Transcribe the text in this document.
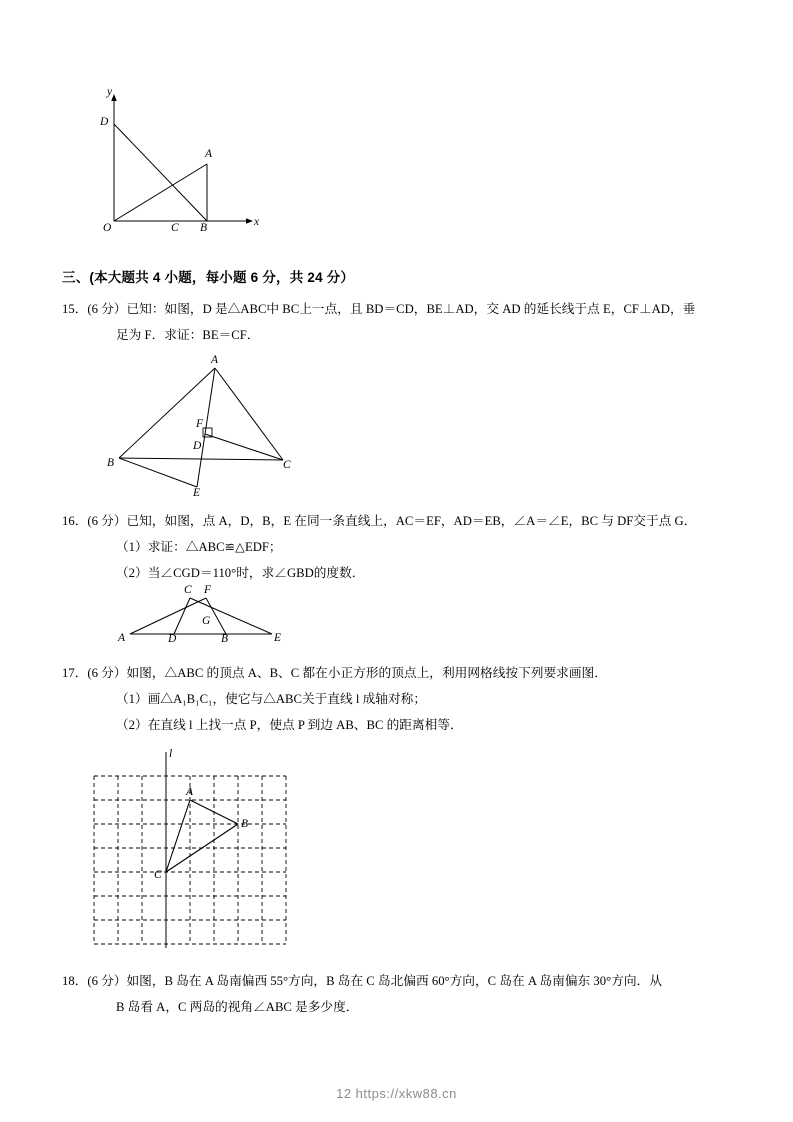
y
x
D
A
O	C B
三、(本大题共 4 小题，每小题 6 分，共 24 分）
15．(6 分）已知：如图，D 是△ABC中 BC上一点，且 BD＝CD，BE⊥AD，交 AD 的延长线于点 E，CF⊥AD，垂
足为 F．求证：BE＝CF．
A
F
D
B	C
E
16．(6 分）已知，如图，点 A，D，B，E 在同一条直线上，AC＝EF，AD＝EB，∠A＝∠E，BC 与 DF交于点 G．
（1）求证：△ABC≌△EDF；
（2）当∠CGD＝110°时，求∠GBD的度数．
C F
G
A	D	B	E
17．(6 分）如图，△ABC 的顶点 A、B、C 都在小正方形的顶点上，利用网格线按下列要求画图．
（1）画△A₁B₁C₁，使它与△ABC关于直线 l 成轴对称；
（2）在直线 l 上找一点 P，使点 P 到边 AB、BC 的距离相等．
l
A
B
C
18．(6 分）如图，B 岛在 A 岛南偏西 55°方向，B 岛在 C 岛北偏西 60°方向，C 岛在 A 岛南偏东 30°方向．从
B 岛看 A，C 两岛的视角∠ABC 是多少度．
12 https://xkw88.cn
